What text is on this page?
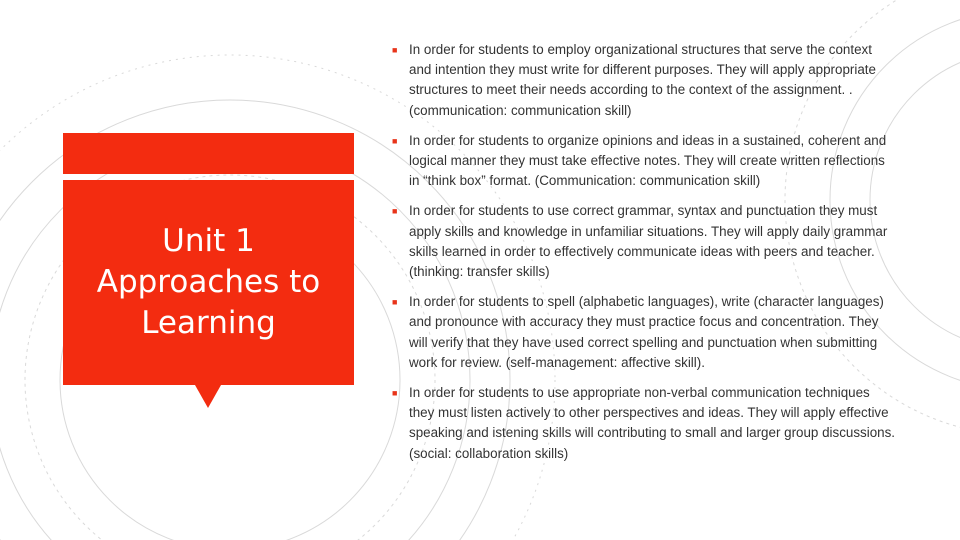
Unit 1
Approaches to
Learning
■ In order for students to employ organizational structures that serve the context and intention they must write for different purposes. They will apply appropriate structures to meet their needs according to the context of the assignment. . (communication: communication skill)
■ In order for students to organize opinions and ideas in a sustained, coherent and logical manner they must take effective notes. They will create written reflections in “think box” format. (Communication: communication skill)
■ In order for students to use correct grammar, syntax and punctuation they must apply skills and knowledge in unfamiliar situations. They will apply daily grammar skills learned in order to effectively communicate ideas with peers and teacher. (thinking: transfer skills)
■ In order for students to spell (alphabetic languages), write (character languages) and pronounce with accuracy they must practice focus and concentration. They will verify that they have used correct spelling and punctuation when submitting work for review. (self-management: affective skill).
■ In order for students to use appropriate non-verbal communication techniques they must listen actively to other perspectives and ideas. They will apply effective speaking and istening skills will contributing to small and larger group discussions. (social: collaboration skills)
